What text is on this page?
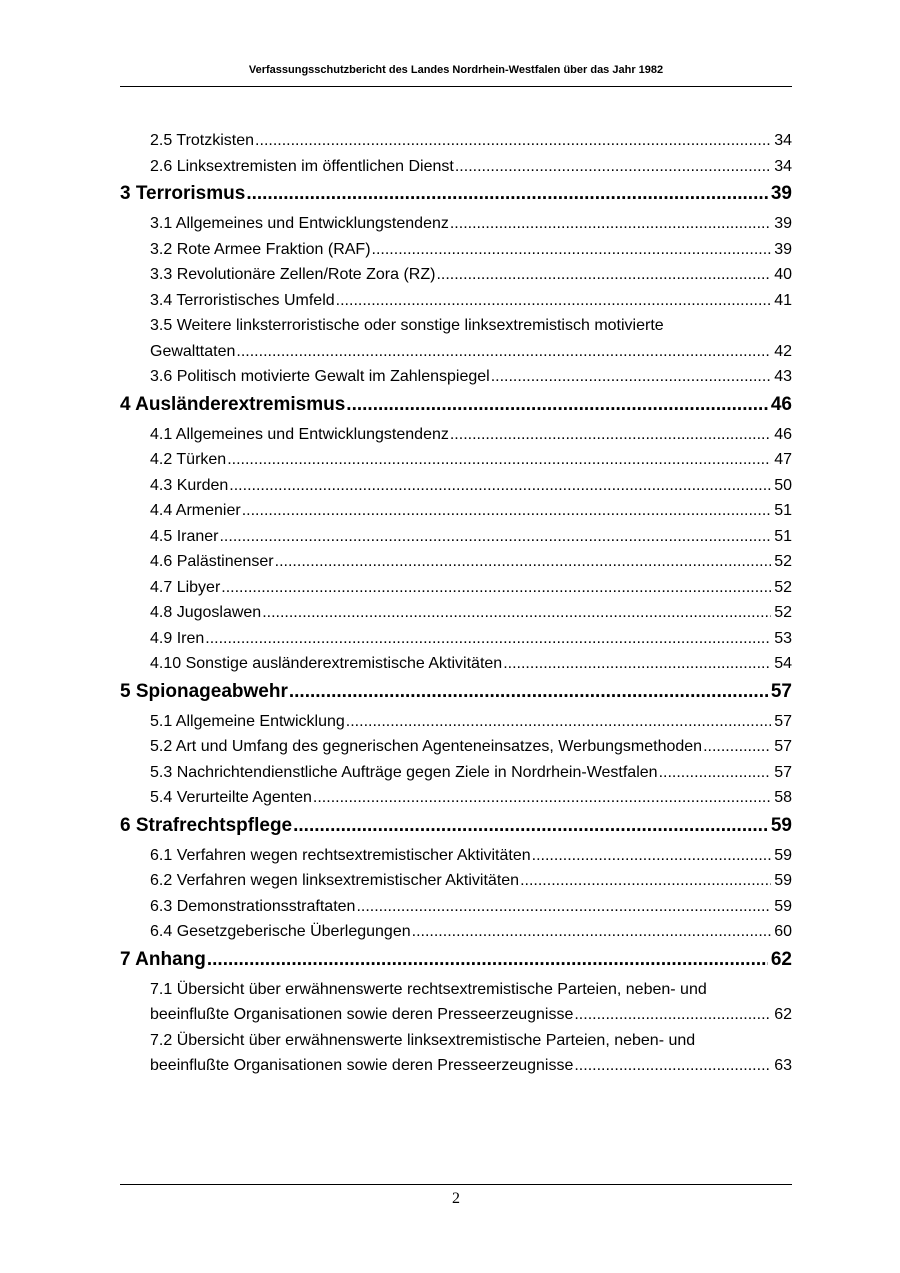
Verfassungsschutzbericht des Landes Nordrhein-Westfalen über das Jahr 1982
2.5 Trotzkisten .....	34
2.6 Linksextremisten im öffentlichen Dienst .....	34
3 Terrorismus .....	39
3.1 Allgemeines und Entwicklungstendenz .....	39
3.2 Rote Armee Fraktion (RAF) .....	39
3.3 Revolutionäre Zellen/Rote Zora (RZ) .....	40
3.4 Terroristisches Umfeld .....	41
3.5 Weitere linksterroristische oder sonstige linksextremistisch motivierte
Gewalttaten .....	42
3.6 Politisch motivierte Gewalt im Zahlenspiegel .....	43
4 Ausländerextremismus .....	46
4.1 Allgemeines und Entwicklungstendenz .....	46
4.2 Türken .....	47
4.3 Kurden .....	50
4.4 Armenier .....	51
4.5 Iraner .....	51
4.6 Palästinenser .....	52
4.7 Libyer .....	52
4.8 Jugoslawen .....	52
4.9 Iren .....	53
4.10 Sonstige ausländerextremistische Aktivitäten .....	54
5 Spionageabwehr .....	57
5.1 Allgemeine Entwicklung .....	57
5.2 Art und Umfang des gegnerischen Agenteneinsatzes, Werbungsmethoden .....	57
5.3 Nachrichtendienstliche Aufträge gegen Ziele in Nordrhein-Westfalen .....	57
5.4 Verurteilte Agenten .....	58
6 Strafrechtspflege .....	59
6.1 Verfahren wegen rechtsextremistischer Aktivitäten .....	59
6.2 Verfahren wegen linksextremistischer Aktivitäten .....	59
6.3 Demonstrationsstraftaten .....	59
6.4 Gesetzgeberische Überlegungen .....	60
7 Anhang .....	62
7.1 Übersicht über erwähnenswerte rechtsextremistische Parteien, neben- und
beeinflußte Organisationen sowie deren Presseerzeugnisse .....	62
7.2 Übersicht über erwähnenswerte linksextremistische Parteien, neben- und
beeinflußte Organisationen sowie deren Presseerzeugnisse .....	63
2
